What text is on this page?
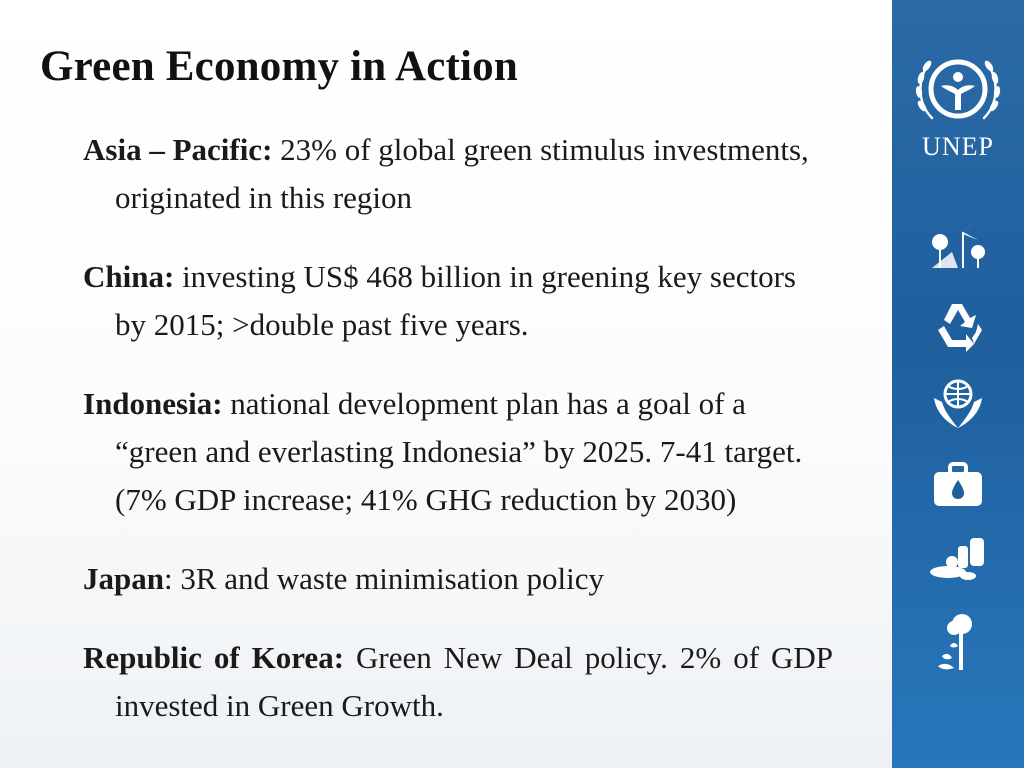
Green Economy in Action

Asia – Pacific: 23% of global green stimulus investments, originated in this region

China: investing US$ 468 billion in greening key sectors by 2015; >double past five years.

Indonesia: national development plan has a goal of a “green and everlasting Indonesia” by 2025. 7-41 target. (7% GDP increase; 41% GHG reduction by 2030)

Japan: 3R and waste minimisation policy

Republic of Korea: Green New Deal policy. 2% of GDP invested in Green Growth.

UNEP
